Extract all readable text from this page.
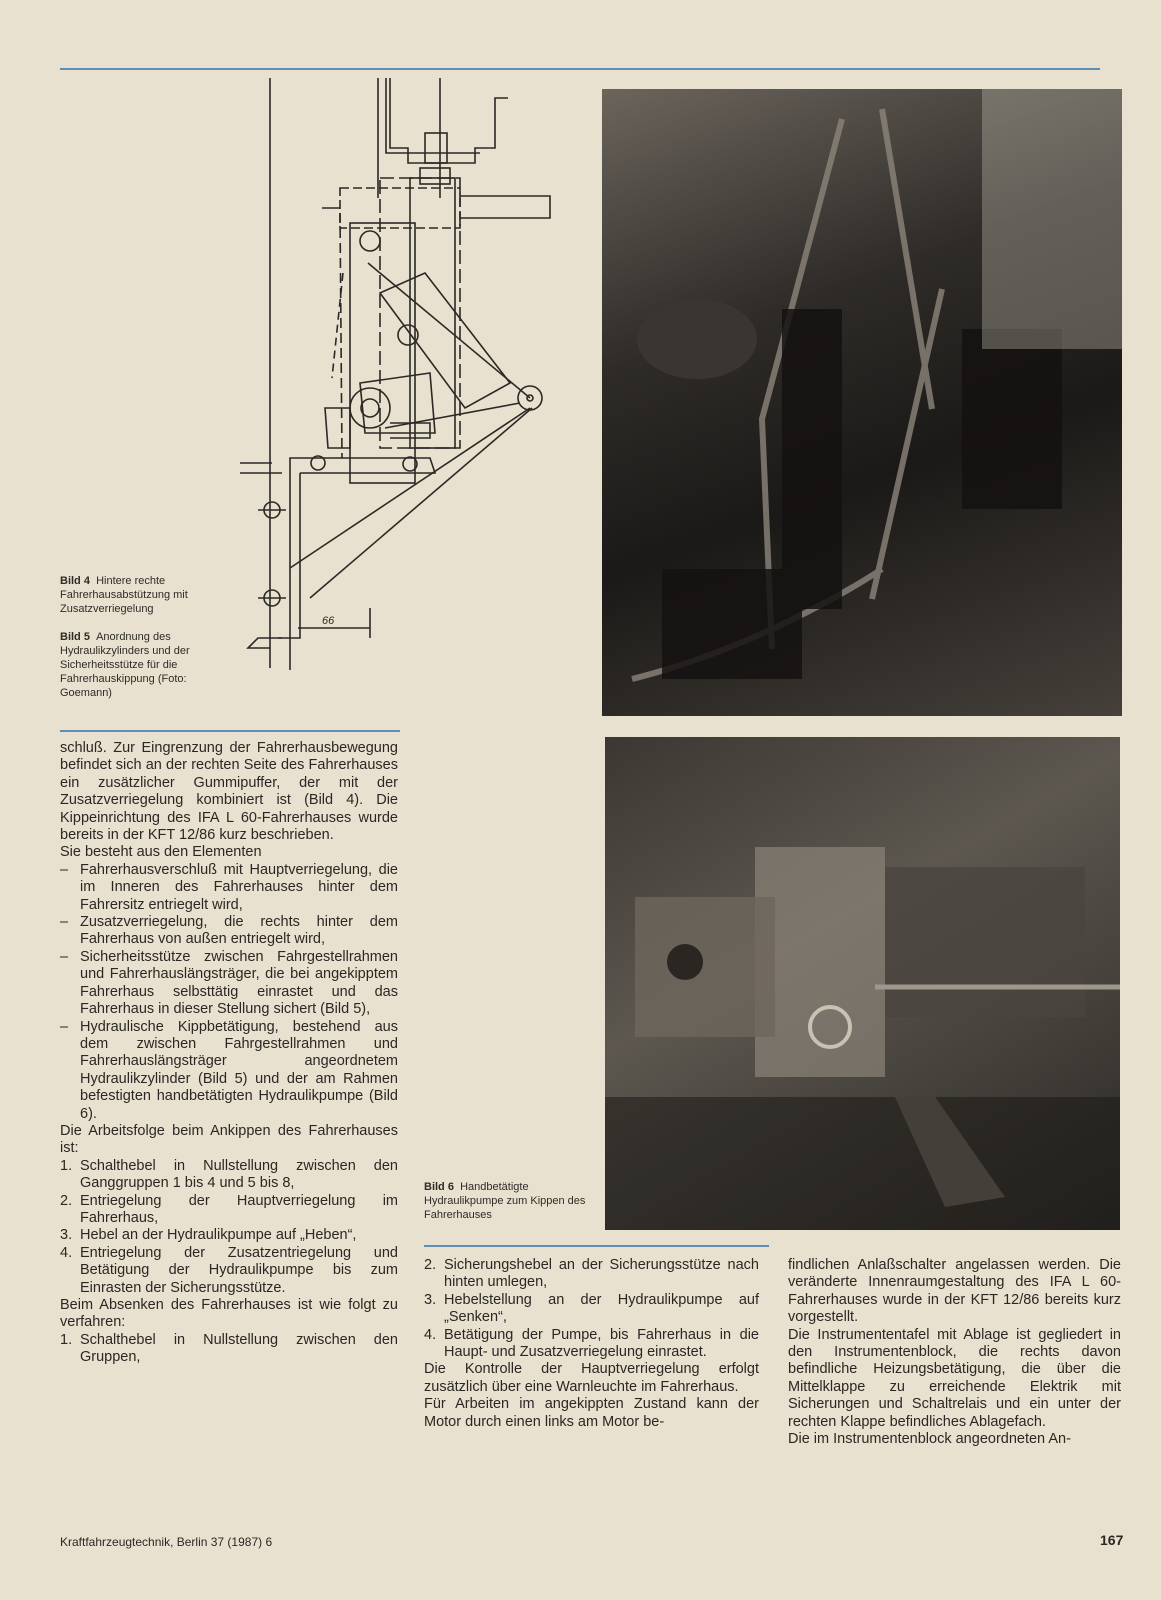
66
Bild 4 Hintere rechte Fahrerhausabstützung mit Zusatzverriegelung
Bild 5 Anordnung des Hydraulikzylinders und der Sicherheitsstütze für die Fahrerhauskippung (Foto: Goemann)
Bild 6 Handbetätigte Hydraulikpumpe zum Kippen des Fahrerhauses

schluß. Zur Eingrenzung der Fahrerhausbewegung befindet sich an der rechten Seite des Fahrerhauses ein zusätzlicher Gummipuffer, der mit der Zusatzverriegelung kombiniert ist (Bild 4). Die Kippeinrichtung des IFA L 60-Fahrerhauses wurde bereits in der KFT 12/86 kurz beschrieben.

Sie besteht aus den Elementen

– Fahrerhausverschluß mit Hauptverriegelung, die im Inneren des Fahrerhauses hinter dem Fahrersitz entriegelt wird,

– Zusatzverriegelung, die rechts hinter dem Fahrerhaus von außen entriegelt wird,

– Sicherheitsstütze zwischen Fahrgestellrahmen und Fahrerhauslängsträger, die bei angekipptem Fahrerhaus selbsttätig einrastet und das Fahrerhaus in dieser Stellung sichert (Bild 5),

– Hydraulische Kippbetätigung, bestehend aus dem zwischen Fahrgestellrahmen und Fahrerhauslängsträger angeordnetem Hydraulikzylinder (Bild 5) und der am Rahmen befestigten handbetätigten Hydraulikpumpe (Bild 6).

Die Arbeitsfolge beim Ankippen des Fahrerhauses ist:

1. Schalthebel in Nullstellung zwischen den Ganggruppen 1 bis 4 und 5 bis 8,

2. Entriegelung der Hauptverriegelung im Fahrerhaus,

3. Hebel an der Hydraulikpumpe auf „Heben“,

4. Entriegelung der Zusatzentriegelung und Betätigung der Hydraulikpumpe bis zum Einrasten der Sicherungsstütze.

Beim Absenken des Fahrerhauses ist wie folgt zu verfahren:

1. Schalthebel in Nullstellung zwischen den Gruppen,

2. Sicherungshebel an der Sicherungsstütze nach hinten umlegen,

3. Hebelstellung an der Hydraulikpumpe auf „Senken“,

4. Betätigung der Pumpe, bis Fahrerhaus in die Haupt- und Zusatzverriegelung einrastet.

Die Kontrolle der Hauptverriegelung erfolgt zusätzlich über eine Warnleuchte im Fahrerhaus.

Für Arbeiten im angekippten Zustand kann der Motor durch einen links am Motor be-

findlichen Anlaßschalter angelassen werden. Die veränderte Innenraumgestaltung des IFA L 60-Fahrerhauses wurde in der KFT 12/86 bereits kurz vorgestellt.

Die Instrumententafel mit Ablage ist gegliedert in den Instrumentenblock, die rechts davon befindliche Heizungsbetätigung, die über die Mittelklappe zu erreichende Elektrik mit Sicherungen und Schaltrelais und ein unter der rechten Klappe befindliches Ablagefach.

Die im Instrumentenblock angeordneten An-

Kraftfahrzeugtechnik, Berlin 37 (1987) 6	167
